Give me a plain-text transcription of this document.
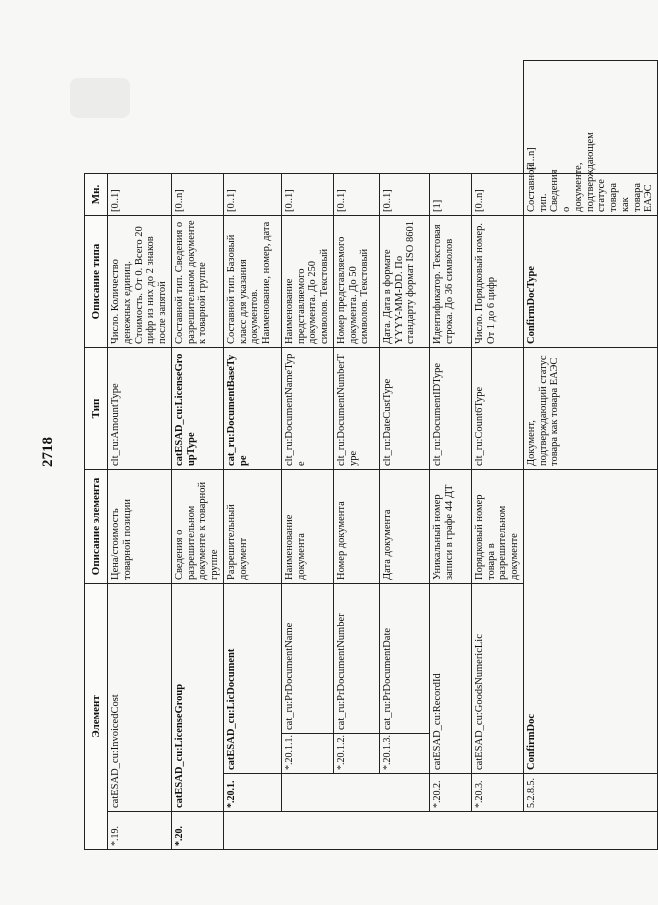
2718
Элемент				Описание элемента	Тип	Описание типа	Мн.	
*.19.	catESAD_cu:InvoicedCost			Цена/стоимость товарной позиции	clt_ru:AmountType	Число. Количество денежных единиц. Стоимость. От 0. Всего 20 цифр из них до 2 знаков после запятой	[0..1]	
*.20.	catESAD_cu:LicenseGroup			Сведения о разрешительном документе к товарной группе	catESAD_cu:LicenseGroupType	Составной тип. Сведения о разрешительном документе к товарной группе	[0..n]	
	*.20.1.	catESAD_cu:LicDocument		Разрешительный документ	cat_ru:DocumentBaseType	Составной тип. Базовый класс для указания документов. Наименование, номер, дата	[0..1]	
		*.20.1.1.	cat_ru:PrDocumentName	Наименование документа	clt_ru:DocumentNameType	Наименование представляемого документа. До 250 символов. Текстовый	[0..1]	
		*.20.1.2.	cat_ru:PrDocumentNumber	Номер документа	clt_ru:DocumentNumberType	Номер представляемого документа. До 50 символов. Текстовый	[0..1]	
		*.20.1.3.	cat_ru:PrDocumentDate	Дата документа	clt_ru:DateCustType	Дата. Дата в формате YYYY-MM-DD. По стандарту формат ISO 8601	[0..1]	
	*.20.2.	catESAD_cu:RecordId		Уникальный номер записи в графе 44 ДТ	clt_ru:DocumentIDType	Идентификатор. Текстовая строка. До 36 символов	[1]	
	*.20.3.	catESAD_cu:GoodsNumericLic		Порядковый номер товара в разрешительном документе	clt_ru:Count6Type	Число. Порядковый номер. От 1 до 6 цифр	[0..n]	
	5.2.8.5.	ConfirmDoc			Документ, подтверждающий статус товара как товара ЕАЭС	ConfirmDocType	Составной тип. Сведения о документе, подтверждающем статусе товара как товара ЕАЭС	[1..n]
